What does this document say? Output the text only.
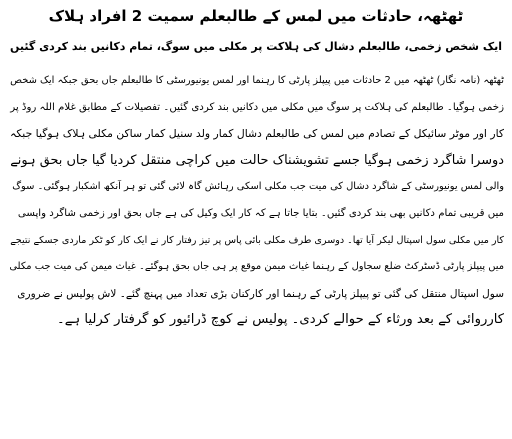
ٹھٹھہ، حادثات میں لمس کے طالبعلم سمیت 2 افراد ہلاک
ایک شخص زخمی، طالبعلم دشال کی ہلاکت پر مکلی میں سوگ، تمام دکانیں بند کردی گئیں
ٹھٹھہ (نامہ نگار) ٹھٹھہ میں 2 حادثات میں پیپلز پارٹی کا رہنما اور لمس یونیورسٹی کا طالبعلم جاں بحق جبکہ ایک شخص
زخمی ہوگیا۔ طالبعلم کی ہلاکت پر سوگ میں مکلی میں دکانیں بند کردی گئیں۔ تفصیلات کے مطابق غلام اللہ روڈ پر
کار اور موٹر سائیکل کے تصادم میں لمس کی طالبعلم دشال کمار ولد سنیل کمار ساکن مکلی ہلاک ہوگیا جبکہ
دوسرا شاگرد زخمی ہوگیا جسے تشویشناک حالت میں کراچی منتقل کردیا گیا جاں بحق ہونے
والی لمس یونیورسٹی کے شاگرد دشال کی میت جب مکلی اسکی رہائش گاہ لائی گئی تو ہر آنکھ اشکبار ہوگئی۔ سوگ
میں قریبی تمام دکانیں بھی بند کردی گئیں۔ بتایا جاتا ہے کہ کار ایک وکیل کی ہے جاں بحق اور زخمی شاگرد واپسی
کار میں مکلی سول اسپتال لیکر آیا تھا۔ دوسری طرف مکلی بائی پاس پر تیز رفتار کار نے ایک کار کو ٹکر ماردی جسکے نتیجے
میں پیپلز پارٹی ڈسٹرکٹ ضلع سجاول کے رہنما غیاث میمن موقع پر ہی جاں بحق ہوگئے۔ غیاث میمن کی میت جب مکلی
سول اسپتال منتقل کی گئی تو پیپلز پارٹی کے رہنما اور کارکنان بڑی تعداد میں پہنچ گئے۔ لاش پولیس نے ضروری
کارروائی کے بعد ورثاء کے حوالے کردی۔ پولیس نے کوچ ڈرائیور کو گرفتار کرلیا ہے۔
